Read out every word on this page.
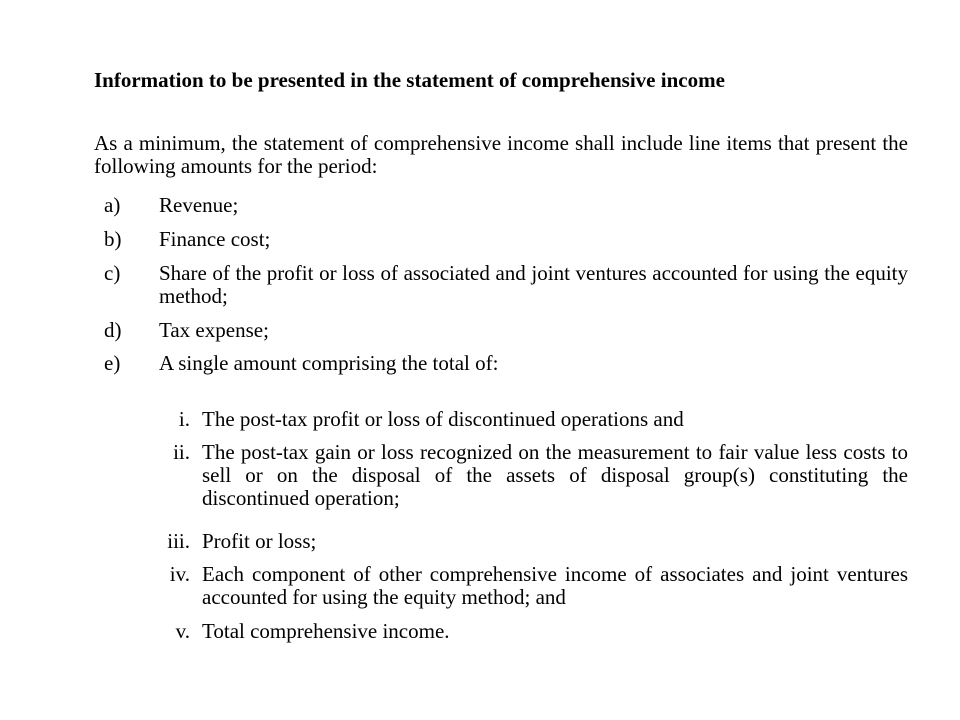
Information to be presented in the statement of comprehensive income
As a minimum, the statement of comprehensive income shall include line items that present the following amounts for the period:
a) Revenue;
b) Finance cost;
c) Share of the profit or loss of associated and joint ventures accounted for using the equity method;
d) Tax expense;
e) A single amount comprising the total of:
i. The post-tax profit or loss of discontinued operations and
ii. The post-tax gain or loss recognized on the measurement to fair value less costs to sell or on the disposal of the assets of disposal group(s) constituting the discontinued operation;
iii. Profit or loss;
iv. Each component of other comprehensive income of associates and joint ventures accounted for using the equity method; and
v. Total comprehensive income.
